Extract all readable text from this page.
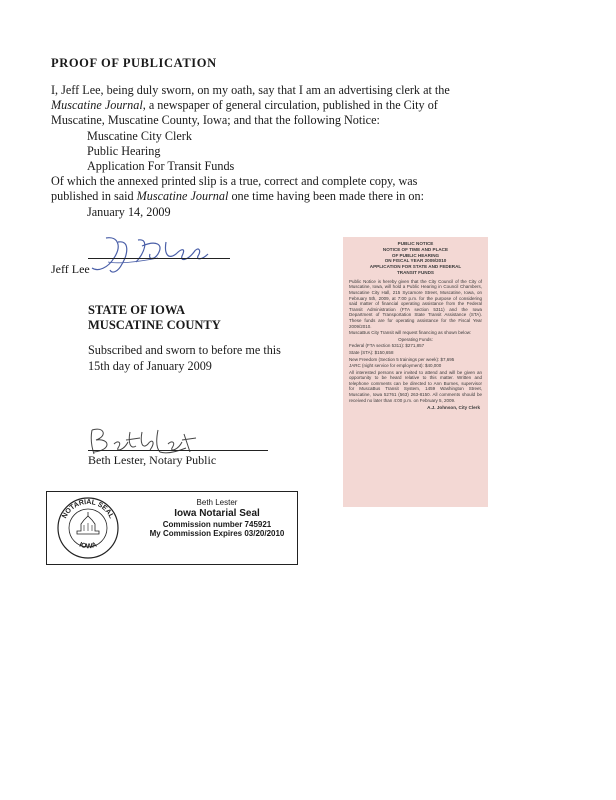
PROOF OF PUBLICATION
I, Jeff Lee, being duly sworn, on my oath, say that I am an advertising clerk at the Muscatine Journal, a newspaper of general circulation, published in the City of Muscatine, Muscatine County, Iowa; and that the following Notice:
Muscatine City Clerk
Public Hearing
Application For Transit Funds
Of which the annexed printed slip is a true, correct and complete copy, was published in said Muscatine Journal one time having been made there in on:
January 14, 2009
Jeff Lee
STATE OF IOWA
MUSCATINE COUNTY
Subscribed and sworn to before me this
15th day of January 2009
Beth Lester, Notary Public
NOTARIAL SEAL
IOWA
Beth Lester
Iowa Notarial Seal
Commission number 745921
My Commission Expires 03/20/2010
PUBLIC NOTICE
NOTICE OF TIME AND PLACE
OF PUBLIC HEARING
ON FISCAL YEAR 2009/2010
APPLICATION FOR STATE AND FEDERAL
TRANSIT FUNDS

Public Notice is hereby given that the City Council of the City of Muscatine, Iowa, will hold a Public Hearing in Council Chambers, Muscatine City Hall, 215 Sycamore Street, Muscatine, Iowa, on February 5th, 2009, at 7:00 p.m. for the purpose of considering said matter of financial operating assistance from the Federal Transit Administration (FTA section 5311) and the Iowa Department of Transportation State Transit Assistance (STA). These funds are for operating assistance for the Fiscal Year 2009/2010.

MuscaBus City Transit will request financing as shown below:

Operating Funds:

Federal (FTA section 5311): $271,857

State (STA): $150,658

New Freedom (Section 5 trainings per week): $7,695

JARC (night service for employment): $40,000

All interested persons are invited to attend and will be given an opportunity to be heard relative to this matter. Written and telephone comments can be directed to Ann Burnes, supervisor for MuscaBus Transit System, 1459 Washington Street, Muscatine, Iowa 52761 (563) 263-8150. All comments should be received no later than 4:00 p.m. on February 5, 2009.

A.J. Johnson, City Clerk
